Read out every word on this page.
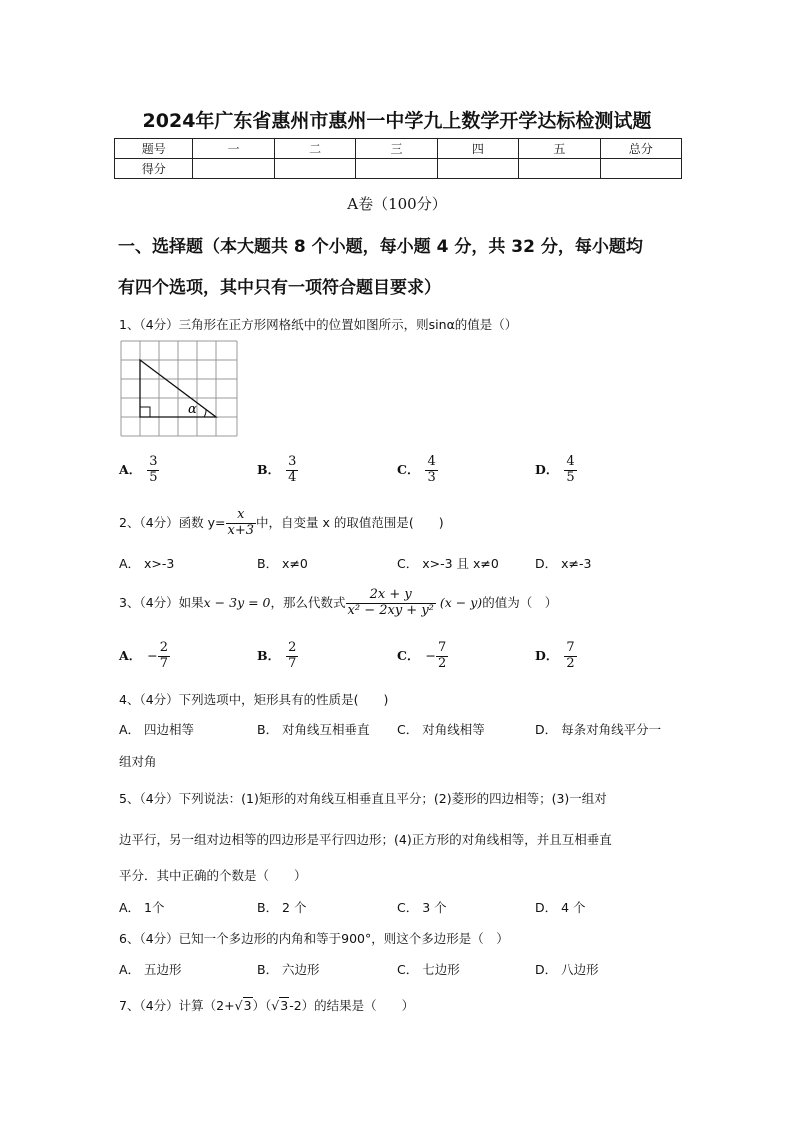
2024年广东省惠州市惠州一中学九上数学开学达标检测试题
题号	一	二	三	四	五	总分
得分						
A卷（100分）
一、选择题（本大题共 8 个小题，每小题 4 分，共 32 分，每小题均
有四个选项，其中只有一项符合题目要求）
1、（4分）三角形在正方形网格纸中的位置如图所示，则sinα的值是（）
α
A． $\frac{3}{5}$	B． $\frac{3}{4}$	C． $\frac{4}{3}$	D． $\frac{4}{5}$
2、（4分）函数 $y= \frac{x}{x+3}$ 中，自变量 x 的取值范围是(　　)
A． x>-3	B． x≠0	C． x>-3 且 x≠0	D． x≠-3
3、（4分）如果x − 3y = 0，那么代数式 $\frac{2x + y}{\text{x² − 2xy + y²}} (x - y)$的值为（　）
A． − $\frac{2}{7}$	B． $\frac{2}{7}$	C． − $\frac{7}{2}$	D． $\frac{7}{2}$
4、（4分）下列选项中，矩形具有的性质是(　　)
A． 四边相等	B． 对角线互相垂直 C． 对角线相等	D． 每条对角线平分一
组对角
5、（4分）下列说法：(1)矩形的对角线互相垂直且平分；(2)菱形的四边相等；(3)一组对
边平行，另一组对边相等的四边形是平行四边形；(4)正方形的对角线相等，并且互相垂直
平分．其中正确的个数是（　　）
A． 1个	B． 2 个	C． 3 个	D． 4 个
6、（4分）已知一个多边形的内角和等于900°，则这个多边形是（　）
A． 五边形	B． 六边形	C． 七边形	D． 八边形
7、（4分）计算（2+√3）（√3-2）的结果是（　　）
